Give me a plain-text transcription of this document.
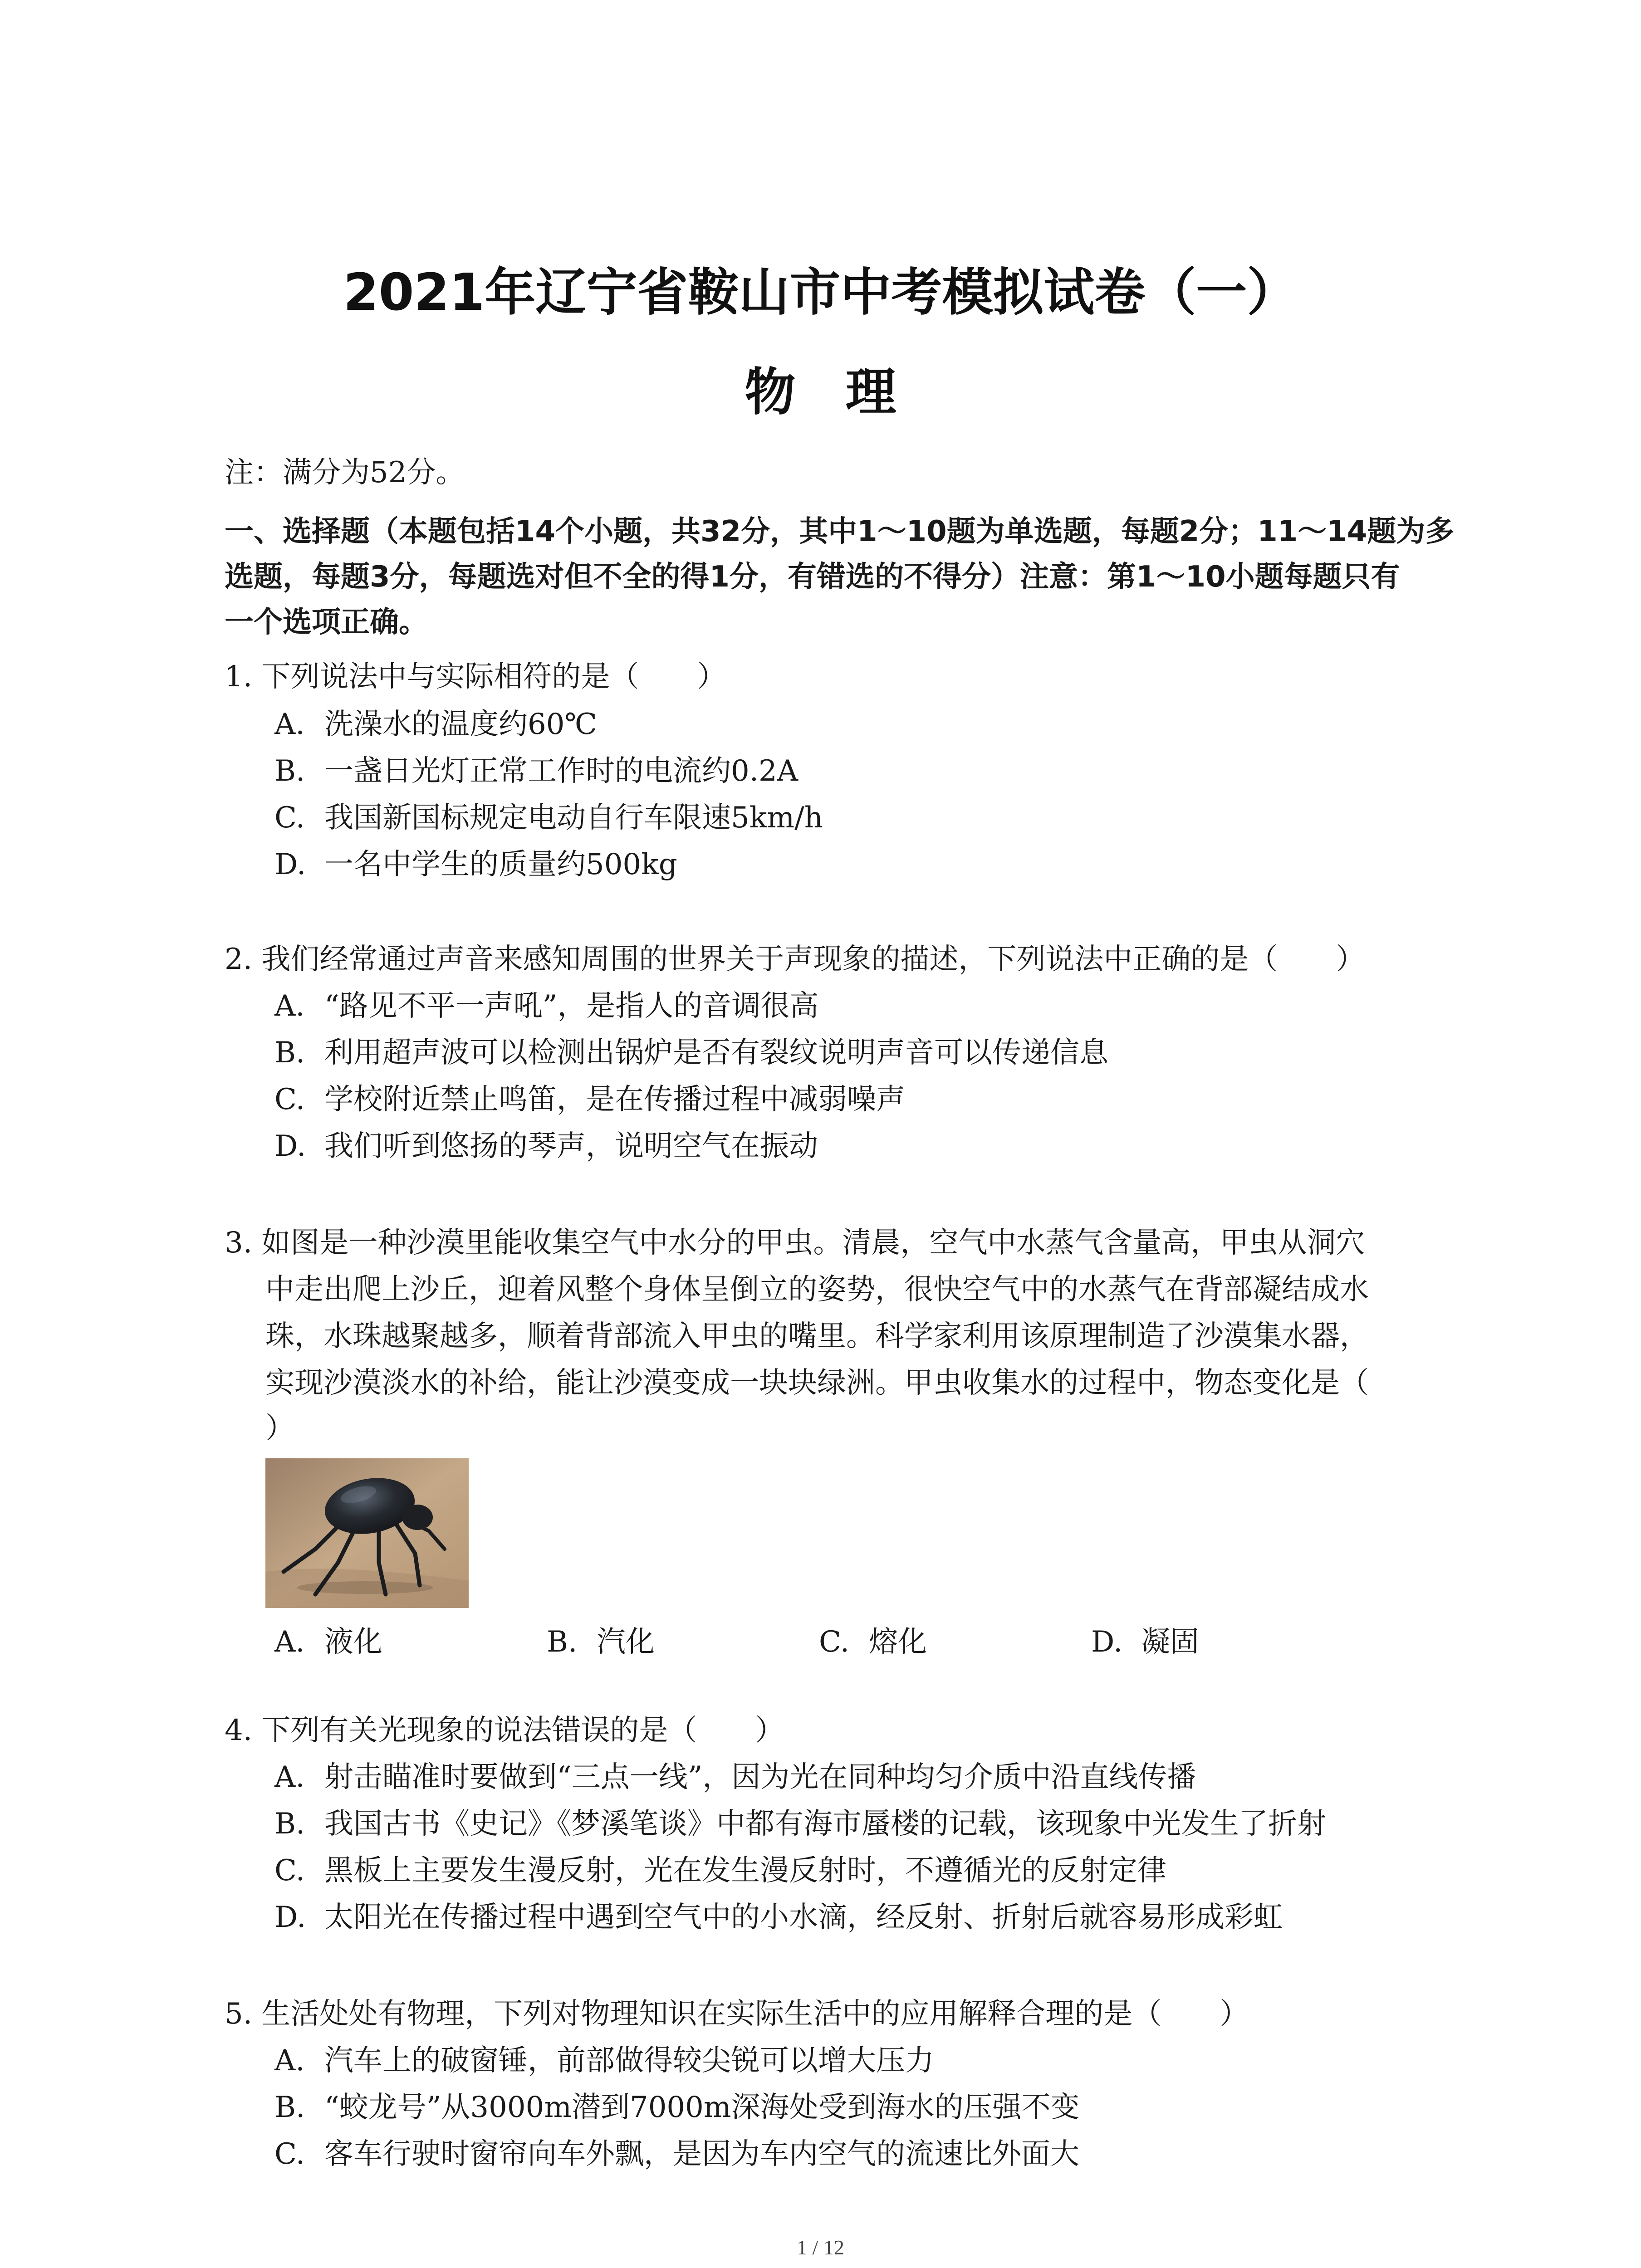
2021年辽宁省鞍山市中考模拟试卷（一）
物理
注：满分为52分。
一、选择题（本题包括14个小题，共32分，其中1～10题为单选题，每题2分；11～14题为多
选题，每题3分，每题选对但不全的得1分，有错选的不得分）注意：第1～10小题每题只有
一个选项正确。
1. 下列说法中与实际相符的是（　　）
A. 洗澡水的温度约60℃
B. 一盏日光灯正常工作时的电流约0.2A
C. 我国新国标规定电动自行车限速5km/h
D. 一名中学生的质量约500kg
2. 我们经常通过声音来感知周围的世界关于声现象的描述，下列说法中正确的是（　　）
A. “路见不平一声吼”，是指人的音调很高
B. 利用超声波可以检测出锅炉是否有裂纹说明声音可以传递信息
C. 学校附近禁止鸣笛，是在传播过程中减弱噪声
D. 我们听到悠扬的琴声，说明空气在振动
3. 如图是一种沙漠里能收集空气中水分的甲虫。清晨，空气中水蒸气含量高，甲虫从洞穴
中走出爬上沙丘，迎着风整个身体呈倒立的姿势，很快空气中的水蒸气在背部凝结成水
珠，水珠越聚越多，顺着背部流入甲虫的嘴里。科学家利用该原理制造了沙漠集水器，
实现沙漠淡水的补给，能让沙漠变成一块块绿洲。甲虫收集水的过程中，物态变化是（
）
A. 液化	B. 汽化	C. 熔化	D. 凝固
4. 下列有关光现象的说法错误的是（　　）
A. 射击瞄准时要做到“三点一线”，因为光在同种均匀介质中沿直线传播
B. 我国古书《史记》《梦溪笔谈》中都有海市蜃楼的记载，该现象中光发生了折射
C. 黑板上主要发生漫反射，光在发生漫反射时，不遵循光的反射定律
D. 太阳光在传播过程中遇到空气中的小水滴，经反射、折射后就容易形成彩虹
5. 生活处处有物理，下列对物理知识在实际生活中的应用解释合理的是（　　）
A. 汽车上的破窗锤，前部做得较尖锐可以增大压力
B. “蛟龙号”从3000m潜到7000m深海处受到海水的压强不变
C. 客车行驶时窗帘向车外飘，是因为车内空气的流速比外面大
1 / 12
